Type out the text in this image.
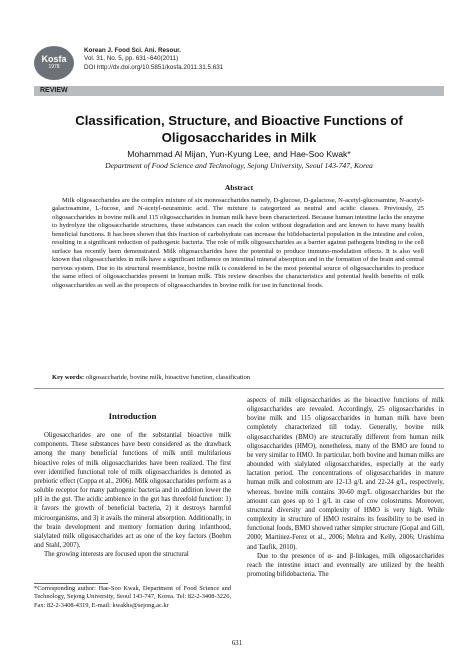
Kosfa
1978
Korean J. Food Sci. Ani. Resour.
Vol. 31, No. 5, pp. 631~640(2011)
DOI http://dx.doi.org/10.5851/kosfa.2011.31.5.631
REVIEW
Classification, Structure, and Bioactive Functions of Oligosaccharides in Milk
Mohammad Al Mijan, Yun-Kyung Lee, and Hae-Soo Kwak*
Department of Food Science and Technology, Sejong University, Seoul 143-747, Korea
Abstract

Milk oligosaccharides are the complex mixture of six monosaccharides namely, D-glucose, D-galactose, N-acetyl-glucosamine, N-acetyl-galactosamine, L-fucose, and N-acetyl-neuraminic acid. The mixture is categorized as neutral and acidic classes. Previously, 25 oligosaccharides in bovine milk and 115 oligosaccharides in human milk have been characterized. Because human intestine lacks the enzyme to hydrolyze the oligosaccharide structures, these substances can reach the colon without degradation and are known to have many health beneficial functions. It has been shown that this fraction of carbohydrate can increase the bifidobacterial population in the intestine and colon, resulting in a significant reduction of pathogenic bacteria. The role of milk oligosaccharides as a barrier against pathogens binding to the cell surface has recently been demonstrated. Milk oligosaccharides have the potential to produce immuno-modulation effects. It is also well known that oligosaccharides in milk have a significant influence on intestinal mineral absorption and in the formation of the brain and central nervous system. Due to its structural resemblance, bovine milk is considered to be the most potential source of oligosaccharides to produce the same effect of oligosaccharides present in human milk. This review describes the characteristics and potential health benefits of milk oligosaccharides as well as the prospects of oligosaccharides in bovine milk for use in functional foods.

Key words: oligosaccharide, bovine milk, bioactive function, classification
Introduction

Oligosaccharides are one of the substantial bioactive milk components. These substances have been considered as the drawback among the many beneficial functions of milk until multifarious bioactive roles of milk oligosaccharides have been realized. The first ever identified functional role of milk oligosaccharides is denoted as prebiotic effect (Coppa et al., 2006). Milk oligosaccharides perform as a soluble receptor for many pathogenic bacteria and in addition lower the pH in the gut. The acidic ambience in the gut has threefold function: 1) it favors the growth of beneficial bacteria, 2) it destroys harmful microorganisms, and 3) it avails the mineral absorption. Additionally, in the brain development and memory formation during infanthood, sialylated milk oligosaccharides act as one of the key factors (Boehm and Stahl, 2007).

The growing interests are focused upon the structural

aspects of milk oligosaccharides as the bioactive functions of milk oligosaccharides are revealed. Accordingly, 25 oligosaccharides in bovine milk and 115 oligosaccharides in human milk have been completely characterized till today. Generally, bovine milk oligosaccharides (BMO) are structurally different from human milk oligosaccharides (HMO), nonetheless, many of the BMO are found to be very similar to HMO. In particular, both bovine and human milks are abounded with sialylated oligosaccharides, especially at the early lactation period. The concentrations of oligosaccharides in mature human milk and colostrum are 12-13 g/L and 22-24 g/L, respectively, whereas, bovine milk contains 30-60 mg/L oligosaccharides but the amount can goes up to 1 g/L in case of cow colostrums. Moreover, structural diversity and complexity of HMO is very high. While complexity in structure of HMO restrains its feasibility to be used in functional foods, BMO showed rather simpler structure (Gopal and Gill, 2000; Martinez-Ferez et al., 2006; Mehra and Kelly, 2006; Urashima and Taufik, 2010).

Due to the presence of α- and β-linkages, milk oligosaccharides reach the intestine intact and eventually are utilized by the health promoting bifidobacteria. The

*Corresponding author: Hae-Soo Kwak, Department of Food Science and Technology, Sejong University, Seoul 143-747, Korea. Tel: 82-2-3408-3226, Fax: 82-2-3408-4319, E-mail: kwakhs@sejong.ac.kr
631
